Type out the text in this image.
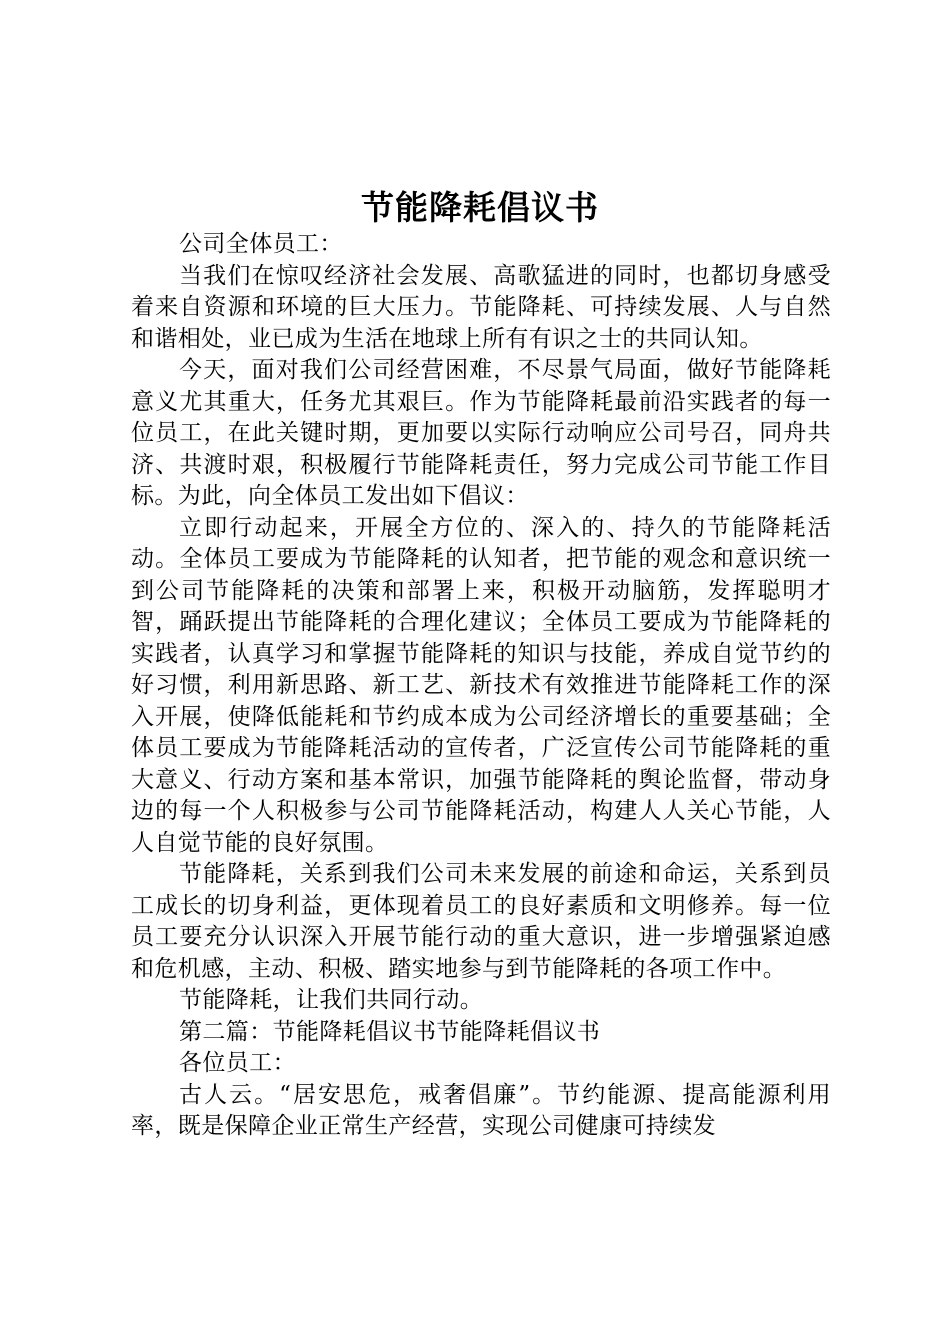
节能降耗倡议书

公司全体员工：

当我们在惊叹经济社会发展、高歌猛进的同时，也都切身感受着来自资源和环境的巨大压力。节能降耗、可持续发展、人与自然和谐相处，业已成为生活在地球上所有有识之士的共同认知。

今天，面对我们公司经营困难，不尽景气局面，做好节能降耗意义尤其重大，任务尤其艰巨。作为节能降耗最前沿实践者的每一位员工，在此关键时期，更加要以实际行动响应公司号召，同舟共济、共渡时艰，积极履行节能降耗责任，努力完成公司节能工作目标。为此，向全体员工发出如下倡议：

立即行动起来，开展全方位的、深入的、持久的节能降耗活动。全体员工要成为节能降耗的认知者，把节能的观念和意识统一到公司节能降耗的决策和部署上来，积极开动脑筋，发挥聪明才智，踊跃提出节能降耗的合理化建议；全体员工要成为节能降耗的实践者，认真学习和掌握节能降耗的知识与技能，养成自觉节约的好习惯，利用新思路、新工艺、新技术有效推进节能降耗工作的深入开展，使降低能耗和节约成本成为公司经济增长的重要基础；全体员工要成为节能降耗活动的宣传者，广泛宣传公司节能降耗的重大意义、行动方案和基本常识，加强节能降耗的舆论监督，带动身边的每一个人积极参与公司节能降耗活动，构建人人关心节能，人人自觉节能的良好氛围。

节能降耗，关系到我们公司未来发展的前途和命运，关系到员工成长的切身利益，更体现着员工的良好素质和文明修养。每一位员工要充分认识深入开展节能行动的重大意识，进一步增强紧迫感和危机感，主动、积极、踏实地参与到节能降耗的各项工作中。

节能降耗，让我们共同行动。

第二篇：节能降耗倡议书节能降耗倡议书

各位员工：

古人云。“居安思危，戒奢倡廉”。节约能源、提高能源利用率，既是保障企业正常生产经营，实现公司健康可持续发
